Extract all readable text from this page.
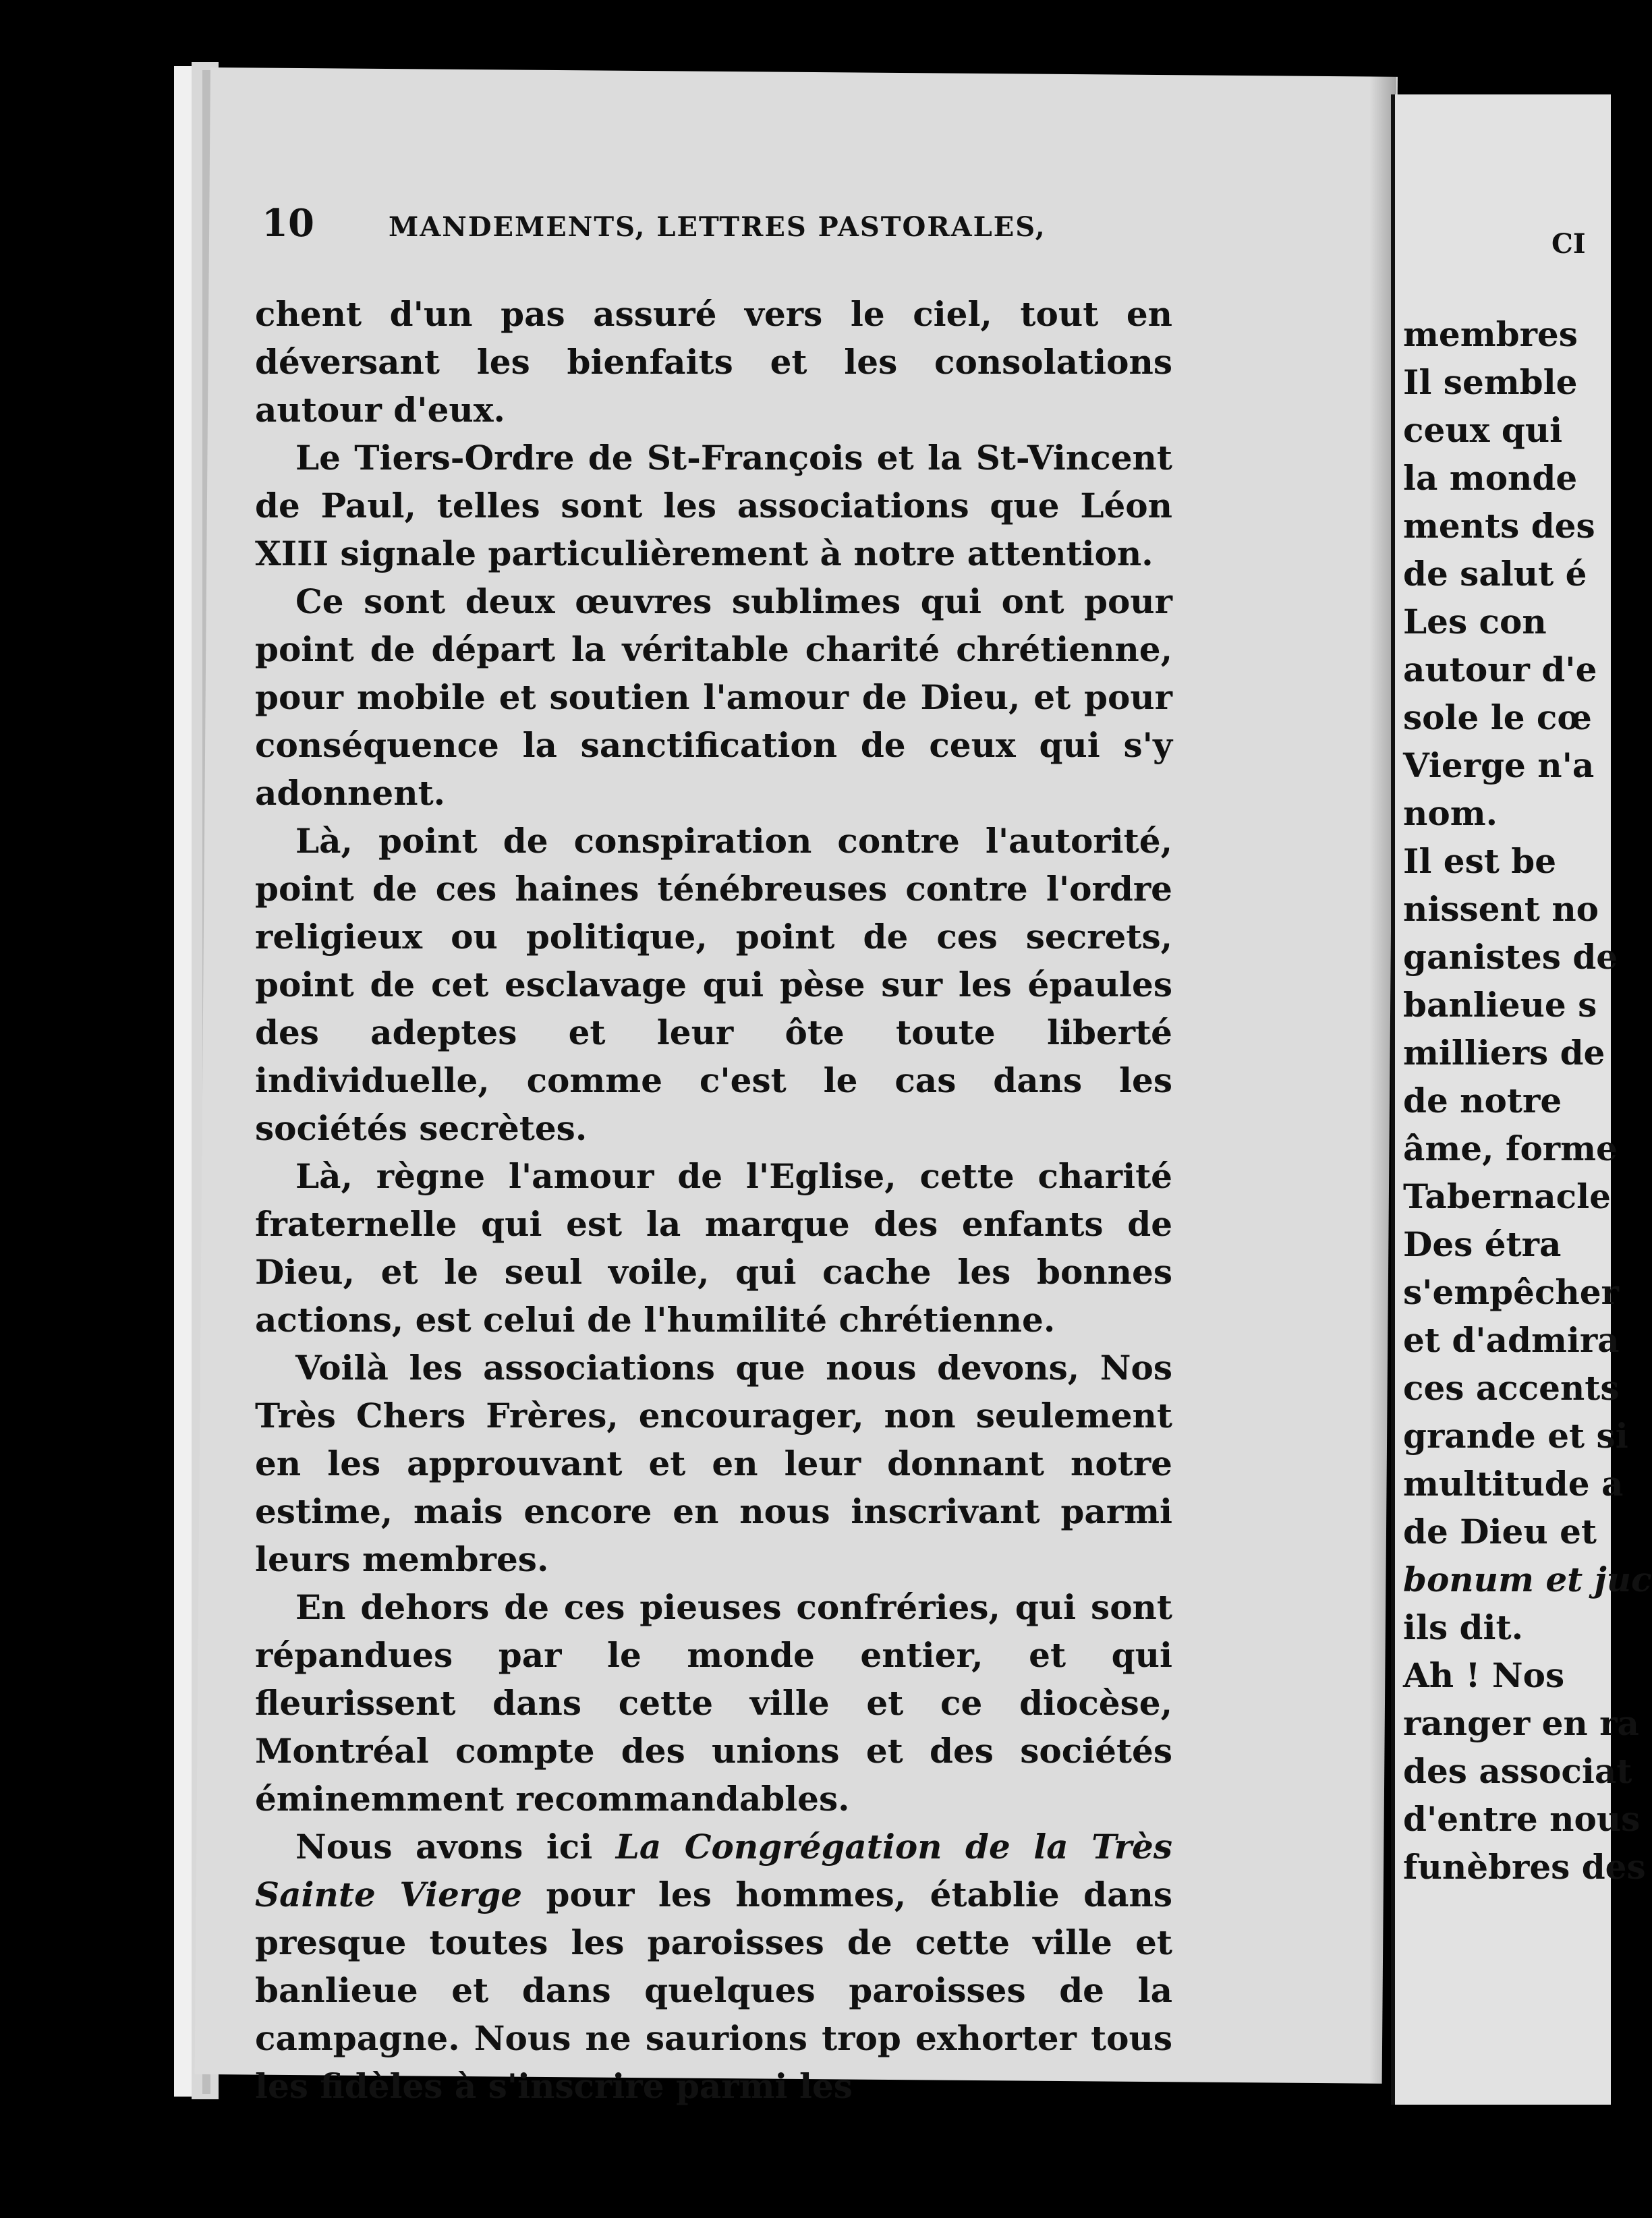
10	MANDEMENTS, LETTRES PASTORALES,

chent d'un pas assuré vers le ciel, tout en déversant les bienfaits et les consolations autour d'eux.

Le Tiers-Ordre de St-François et la St-Vincent de Paul, telles sont les associations que Léon XIII signale particulièrement à notre attention.

Ce sont deux œuvres sublimes qui ont pour point de départ la véritable charité chrétienne, pour mobile et soutien l'amour de Dieu, et pour conséquence la sanctification de ceux qui s'y adonnent.

Là, point de conspiration contre l'autorité, point de ces haines ténébreuses contre l'ordre religieux ou politique, point de ces secrets, point de cet esclavage qui pèse sur les épaules des adeptes et leur ôte toute liberté individuelle, comme c'est le cas dans les sociétés secrètes.

Là, règne l'amour de l'Eglise, cette charité fraternelle qui est la marque des enfants de Dieu, et le seul voile, qui cache les bonnes actions, est celui de l'humilité chrétienne.

Voilà les associations que nous devons, Nos Très Chers Frères, encourager, non seulement en les approuvant et en leur donnant notre estime, mais encore en nous inscrivant parmi leurs membres.

En dehors de ces pieuses confréries, qui sont répandues par le monde entier, et qui fleurissent dans cette ville et ce diocèse, Montréal compte des unions et des sociétés éminemment recommandables.

Nous avons ici La Congrégation de la Très Sainte Vierge pour les hommes, établie dans presque toutes les paroisses de cette ville et banlieue et dans quelques paroisses de la campagne. Nous ne saurions trop exhorter tous les fidèles à s'inscrire parmi les

CI
membres
Il semble
ceux qui
la monde
ments des
de salut é
Les con
autour d'e
sole le cœ
Vierge n'a
nom.
Il est be
nissent no
ganistes de
banlieue s
milliers de
de notre
âme, forme
Tabernacle
Des étra
s'empêcher
et d'admira
ces accents
grande et si
multitude a
de Dieu et
bonum et juc
ils dit.
Ah ! Nos
ranger en ra
des associat
d'entre nous
funèbres des
